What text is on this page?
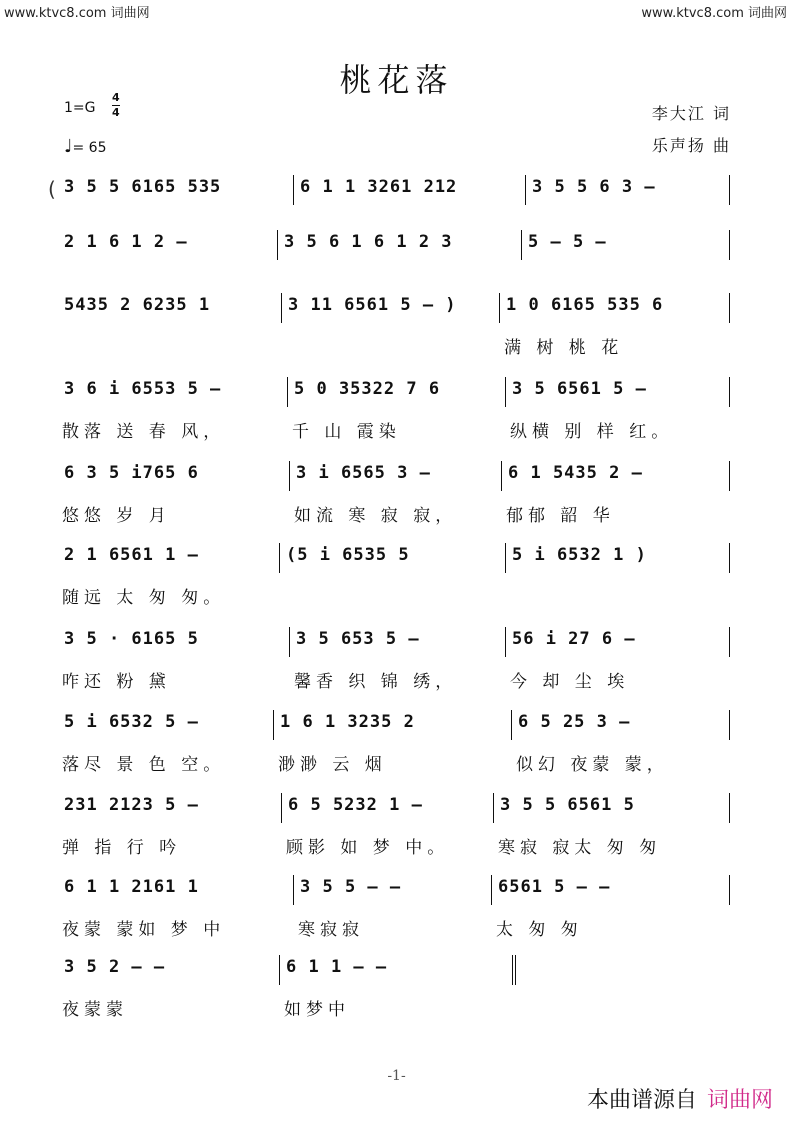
www.ktvc8.com 词曲网	www.ktvc8.com 词曲网
桃花落
1=G
4
4
♩= 65
李大江 词
乐声扬 曲
( 3 5 5 6165 535	6 1 1 3261 212	3 5 5 6 3 –
2 1 6 1 2 –	3 5 6 1 6 1 2 3	5 – 5 –
5435 2 6235 1	3 11 6561 5 – )	1 0 6165 535 6
满 树 桃 花
3 6 i 6553 5 –
散落 送 春 风，
5 0 35322 7 6
千 山 霞染
3 5 6561 5 –
纵横 别 样 红。
6 3 5 i765 6
悠悠 岁 月
3 i 6565 3 –
如流 寒 寂 寂，
6 1 5435 2 –
郁郁 韶 华
2 1 6561 1 –
随远 太 匆 匆。
(5 i 6535 5	5 i 6532 1 )
3 5 · 6165 5
咋还 粉 黛
3 5 653 5 –
馨香 织 锦 绣，
56 i 27 6 –
今 却 尘 埃
5 i 6532 5 –
落尽 景 色 空。
1 6 1 3235 2
渺渺 云 烟
6 5 25 3 –
似幻 夜蒙 蒙，
231 2123 5 –
弹 指 行 吟
6 5 5232 1 –
顾影 如 梦 中。
3 5 5 6561 5
寒寂 寂太 匆 匆
6 1 1 2161 1
夜蒙 蒙如 梦 中
3 5 5 – –
寒寂寂
6561 5 – –
太 匆 匆
3 5 2 – –
夜蒙蒙
6 1 1 – –
如梦中
-1-
本曲谱源自 词曲网
